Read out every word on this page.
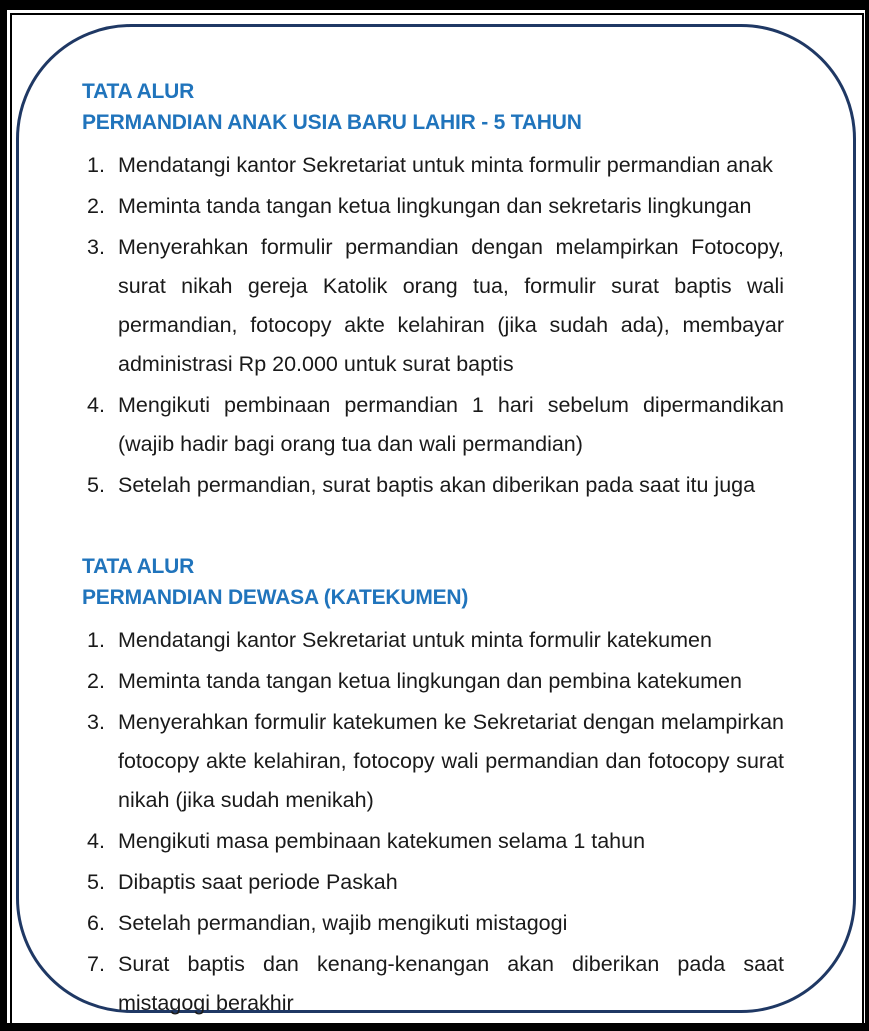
TATA ALUR
PERMANDIAN ANAK USIA BARU LAHIR - 5 TAHUN
Mendatangi kantor Sekretariat untuk minta formulir permandian anak
Meminta tanda tangan ketua lingkungan dan sekretaris lingkungan
Menyerahkan formulir permandian dengan melampirkan Fotocopy, surat nikah gereja Katolik orang tua, formulir surat baptis wali permandian, fotocopy akte kelahiran (jika sudah ada), membayar administrasi Rp 20.000 untuk surat baptis
Mengikuti pembinaan permandian 1 hari sebelum dipermandikan (wajib hadir bagi orang tua dan wali permandian)
Setelah permandian, surat baptis akan diberikan pada saat itu juga
TATA ALUR
PERMANDIAN DEWASA (KATEKUMEN)
Mendatangi kantor Sekretariat untuk minta formulir katekumen
Meminta tanda tangan ketua lingkungan dan pembina katekumen
Menyerahkan formulir katekumen ke Sekretariat dengan melampirkan fotocopy akte kelahiran, fotocopy wali permandian dan fotocopy surat nikah (jika sudah menikah)
Mengikuti masa pembinaan katekumen selama 1 tahun
Dibaptis saat periode Paskah
Setelah permandian, wajib mengikuti mistagogi
Surat baptis dan kenang-kenangan akan diberikan pada saat mistagogi berakhir
